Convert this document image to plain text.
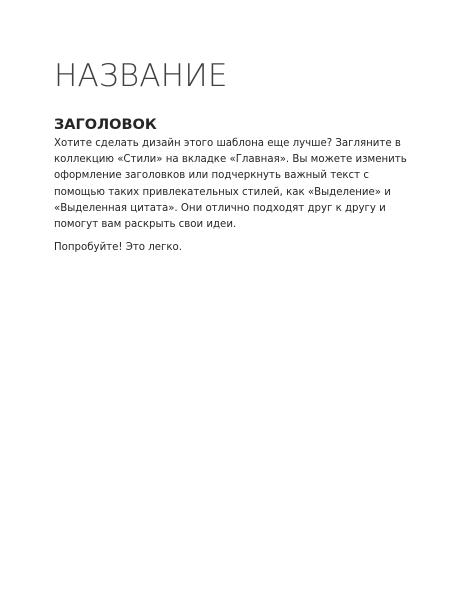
НАЗВАНИЕ
ЗАГОЛОВОК

Хотите сделать дизайн этого шаблона еще лучше? Загляните в коллекцию «Стили» на вкладке «Главная». Вы можете изменить оформление заголовков или подчеркнуть важный текст с помощью таких привлекательных стилей, как «Выделение» и «Выделенная цитата». Они отлично подходят друг к другу и помогут вам раскрыть свои идеи.

Попробуйте! Это легко.
